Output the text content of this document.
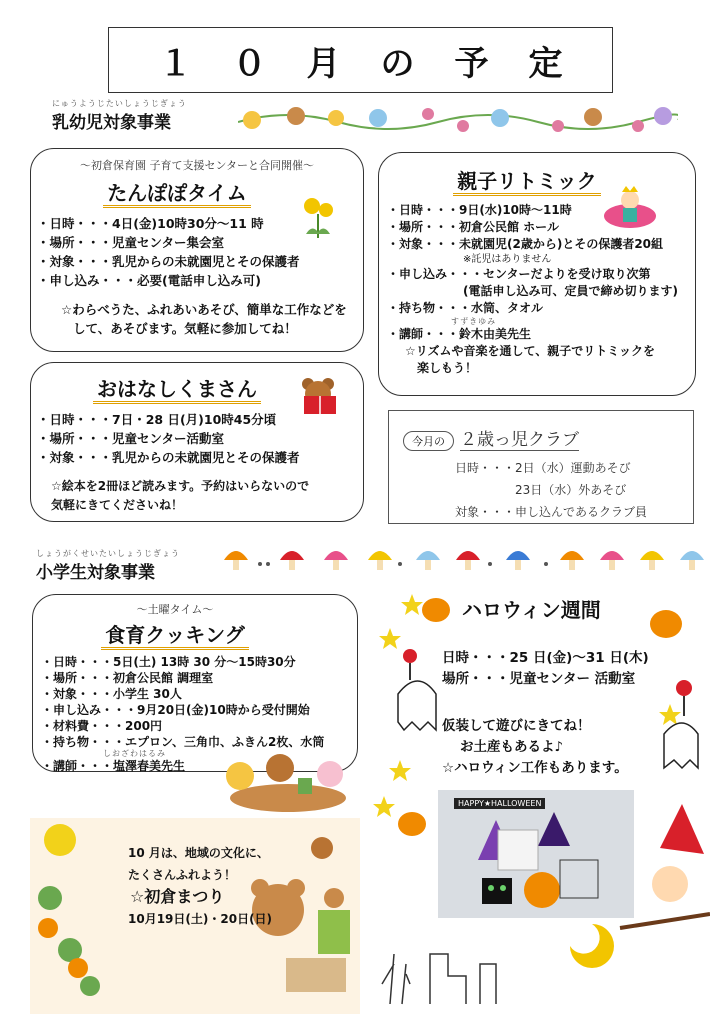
１０月の予定
にゅうようじたいしょうじぎょう
乳幼児対象事業
～初倉保育園 子育て支援センターと合同開催～
たんぽぽタイム
・日時・・・4日(金)10時30分～11 時
・場所・・・児童センター集会室
・対象・・・乳児からの未就園児とその保護者
・申し込み・・・必要(電話申し込み可)
☆わらべうた、ふれあいあそび、簡単な工作などを
して、あそびます。気軽に参加してね！
親子リトミック
・日時・・・9日(水)10時～11時
・場所・・・初倉公民館 ホール
・対象・・・未就園児(2歳から)とその保護者20組
※託児はありません
・申し込み・・・センターだよりを受け取り次第
(電話申し込み可、定員で締め切ります)
・持ち物・・・水筒、タオル
すずきゆみ
・講師・・・鈴木由美先生
☆リズムや音楽を通して、親子でリトミックを
楽しもう！
おはなしくまさん
・日時・・・7日・28 日(月)10時45分頃
・場所・・・児童センター活動室
・対象・・・乳児からの未就園児とその保護者
☆絵本を2冊ほど読みます。予約はいらないので
気軽にきてくださいね！
今月の ２歳っ児クラブ
日時・・・2日（水）運動あそび
23日（水）外あそび
対象・・・申し込んであるクラブ員
しょうがくせいたいしょうじぎょう
小学生対象事業
～土曜タイム～
食育クッキング
・日時・・・5日(土) 13時 30 分～15時30分
・場所・・・初倉公民館 調理室
・対象・・・小学生 30人
・申し込み・・・9月20日(金)10時から受付開始
・材料費・・・200円
・持ち物・・・エプロン、三角巾、ふきん2枚、水筒
しおざわはるみ
・講師・・・塩澤春美先生
ハロウィン週間
日時・・・25 日(金)～31 日(木)
場所・・・児童センター 活動室
仮装して遊びにきてね！
お土産もあるよ♪
☆ハロウィン工作もあります。
HAPPY★HALLOWEEN
10 月は、地域の文化に、
たくさんふれよう！
☆初倉まつり
10月19日(土)・20日(日)
